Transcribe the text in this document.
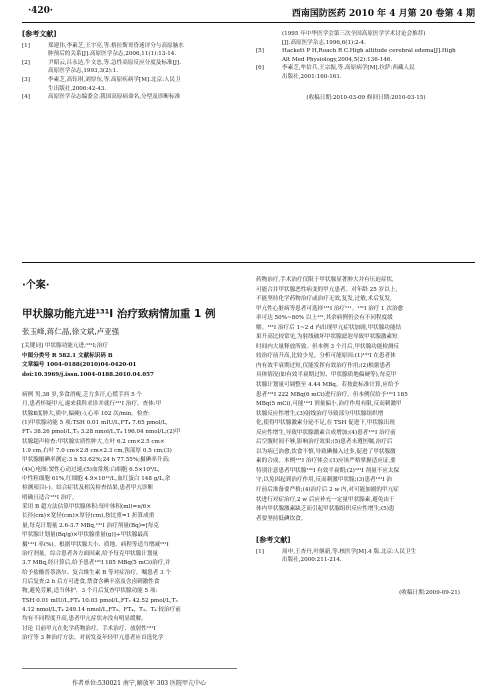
·420·	西南国防医药 2010 年 4 月第 20 卷第 4 期

[参考文献]

[1]	郑建伟,李素芝,王宇亮,等.格拉斯哥昏迷评分与高原脑水
肿预后的关系[J].高原医学杂志,2006,11(1):13-14.
[2]	尹昭云,吕永达,牛文忠,等.急性高原反应分度及标准[J].
高原医学杂志,1993,3(2):1.
[3]	李素芝,高钰琪,刘厚东,等.高原疾病学[M].北京:人民卫
生出版社,2006:42-43.
[4]	高原医学杂志编委会.我国高原病命名,分型及诊断标准

(1995 年中华医学会第三次全国高原医学学术讨论会推荐)

[J].高原医学杂志,1996,6(1):2-4.

[5]	Hackett P H,Roach R C.High altitude cerebral edema[J].High
Alt Med Physiology,2004,5(2):136-146.
[6]	李素芝,牟信兵,王宗振,等.高原病学[M].拉萨:西藏人民
出版社,2001:160-161.

(收稿日期:2010-03-09 修回日期:2010-03-15)

·个案·
甲状腺功能亢进¹³¹I 治疗致病情加重 1 例
张玉峰,蒋仁晶,徐文斌,卢亚强

[关键词] 甲状腺功能亢进;¹³¹I;治疗

中图分类号 R 582.1 文献标识码 B

文章编号 1004-0188(2010)04-0420-01

doi:10.3969/j.issn.1004-0188.2010.04.057

病例 男,38 岁,多食消瘦,乏力多汗,心慌手抖 5 个

月,患者怀疑甲亢,遂来我科求诊并就行¹³¹I 治疗。查体:甲

状腺Ⅱ度肿大,质中,偏硬(-),心率 102 次/min。检查:

(1)甲状腺功能 5 项:TSH 0.01 mIU/L,FT₄ 7.65 pmol/L,

FT₃ 38.26 pmol/L,T₃ 3.28 nmol/L,T₄ 196.04 nmol/L;(2)甲

状腺超声检查:甲状腺实质性肿大,左叶 6.2 cm×2.5 cm×

1.9 cm,右叶 7.0 cm×2.8 cm×2.3 cm,狭部厚 0.5 cm;(3)

甲状腺摄碘率测定:3 h 53.62%;24 h 77.55%;摄碘率升高;

(4)心电图:窦性心动过速;(5)血常规:白细胞 6.5×10⁹/L,

中性粒细胞 61%,红细胞 4.9×10¹²/L,血红蛋白 148 g/L,余

检测项目(-)。结合症状及相关检查结果,患者甲亢诊断

明确且适合¹³¹I 治疗。

采用 B 超方法估算甲状腺体积:每叶体积(ml)=π/6×

长径(cm)×宽径(cm)×厚径(cm),按比重=1 折算成重

量,每克计划量 2.6-3.7 MBq,¹³¹I 治疗剂量(Bq)=[每克

甲状腺计划量(Bq/g)×甲状腺重量(g)]÷甲状腺最高

摄¹³¹I 率(%)。根据甲状腺大小、质地、病程等适当增减¹³¹I

治疗剂量。综合患者各方面因素,给予每克甲状腺计划量

3.7 MBq,经计算后,给予患者¹³¹I 185 MBq(5 mCi)治疗,并

给予盐酸普萘洛尔、复合维生素 B 等对症治疗。嘱患者 3 个

月后复查;2 h 后方可进食,禁食含碘丰富及含卤刺激性食

物,避免劳累,适当休护。3 个月后复查甲状腺功能 5 项:

TSH 0.01 mIU/L,FT₄ 10.03 pmol/L,FT₃ 42.52 pmol/L,T₃

4.12 nmol/L,T₄ 249.14 nmol/L,FT₃、FT₄、T₃、T₄ 较治疗前

均有不同程度升高,患者甲亢症状亦没有明显缓解。

讨论 目前甲亢在化学药物治疗、手术治疗、放射性¹³¹I

治疗等 3 种治疗方法。对初发及年轻甲亢患者应首选化学

药物治疗,手术治疗仅限于甲状腺显著肿大并有压迫症状,

可能合并甲状腺恶性病变的甲亢患者。对年龄 25 岁以上,

不能坚持化学药物治疗或治疗无效,复发,过敏,术后复发,

甲亢性心脏病等患者可选择¹³¹I 治疗¹¹¹。¹³¹I 治疗 1 次治愈

率可达 50%~80% 以上¹²¹,其余病例仍会有不同程度缓

解。¹³¹I 治疗后 1~2 d 内出现甲亢症状加剧,甲状腺功能结

果升高比较常见,为射线破坏甲状腺滤泡导致甲状腺激素短

时间内大量释放所致。但本例 3 个月后,甲状腺功能检测反

较治疗前升高,比较少见。分析可能原因:(1)¹³¹I 在患者体

内有效半衰期过短,仅能发挥有效治疗作用;(2)根据患者

具体情况(如有效半衰期过短、甲状腺质地偏硬等),每克甲

状腺计划量可调整至 4.44 MBq。若按此标准计算,应给予

患者¹³¹I 222 MBq(6 mCi)进行治疗。但本例仅给予¹³¹I 185

MBq(5 mCi),可能¹³¹I 剂量偏小,治疗作用有限,反而刺激甲

状腺反应性增生;(3)射线治疗导致部分甲状腺组织增

化,使得甲状腺激素分泌不足,在 TSH 促进下,甲状腺出现

反应性增生,导致甲状腺激素合成增加;(4)患者¹³¹I 治疗前

后空腹时间不够,影响治疗效果;(5)患者未遵医嘱,治疗后

以为病已治愈,饮食不慎,导致碘摄入过多,促进了甲状腺激

素的合成。本例¹³¹I 治疗体会:(1)应该严格掌握适应证,要

特别注意患者甲状腺¹³¹I 有效半衰期;(2)¹³¹I 剂量不应太保

守,以免因起到治疗作用,反而刺激甲状腺;(3)患者¹³¹I 治

疗前后准备要严格;(4)治疗后 2 w 内,对可能加剧的甲亢症

状进行对症治疗,2 w 后应补充一定量甲状腺素,避免由于

体内甲状腺激素缺乏而引起甲状腺组织反应性增生;(5)患

者要坚持低碘饮食。

[参考文献]

[1]	周申,王杏丹,叶继新,等.核医学[M].4 版.北京:人民卫生
出版社,2000:211-214.

(收稿日期:2009-09-21)

作者单位:530021 南宁,解放军 303 医院甲亢中心
